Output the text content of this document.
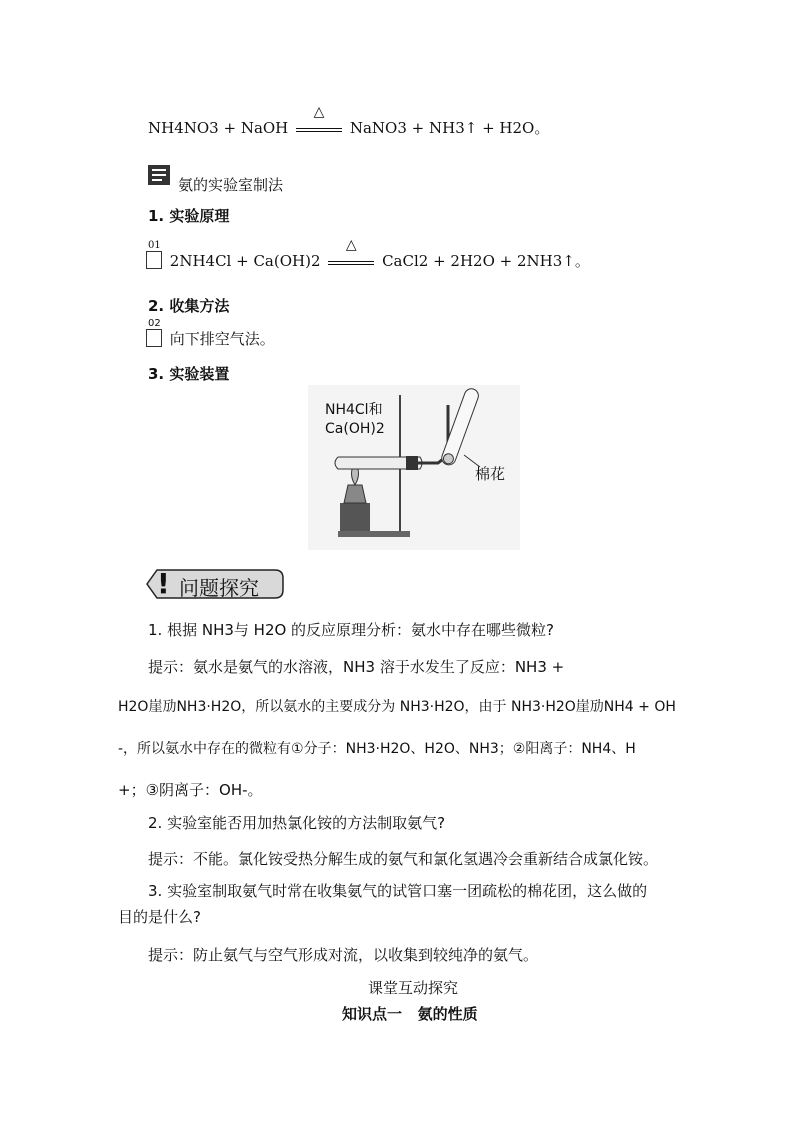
NH4NO3 + NaOH
△
NaNO3 + NH3↑ + H2O。
氨的实验室制法
1. 实验原理
01
2NH4Cl + Ca(OH)2
△
CaCl2 + 2H2O + 2NH3↑。
2. 收集方法
02
向下排空气法。
3. 实验装置
NH4Cl和
Ca(OH)2
棉花
! 问题探究
1. 根据 NH3与 H2O 的反应原理分析：氨水中存在哪些微粒?
提示：氨水是氨气的水溶液，NH3 溶于水发生了反应：NH3 +
H2O崖劢NH3·H2O，所以氨水的主要成分为 NH3·H2O，由于 NH3·H2O崖劢NH4 + OH
-，所以氨水中存在的微粒有①分子：NH3·H2O、H2O、NH3；②阳离子：NH4、H
+；③阴离子：OH-。
2. 实验室能否用加热氯化铵的方法制取氨气?
提示：不能。氯化铵受热分解生成的氨气和氯化氢遇冷会重新结合成氯化铵。
3. 实验室制取氨气时常在收集氨气的试管口塞一团疏松的棉花团，这么做的
目的是什么?
提示：防止氨气与空气形成对流，以收集到较纯净的氨气。
课堂互动探究
知识点一   氨的性质
